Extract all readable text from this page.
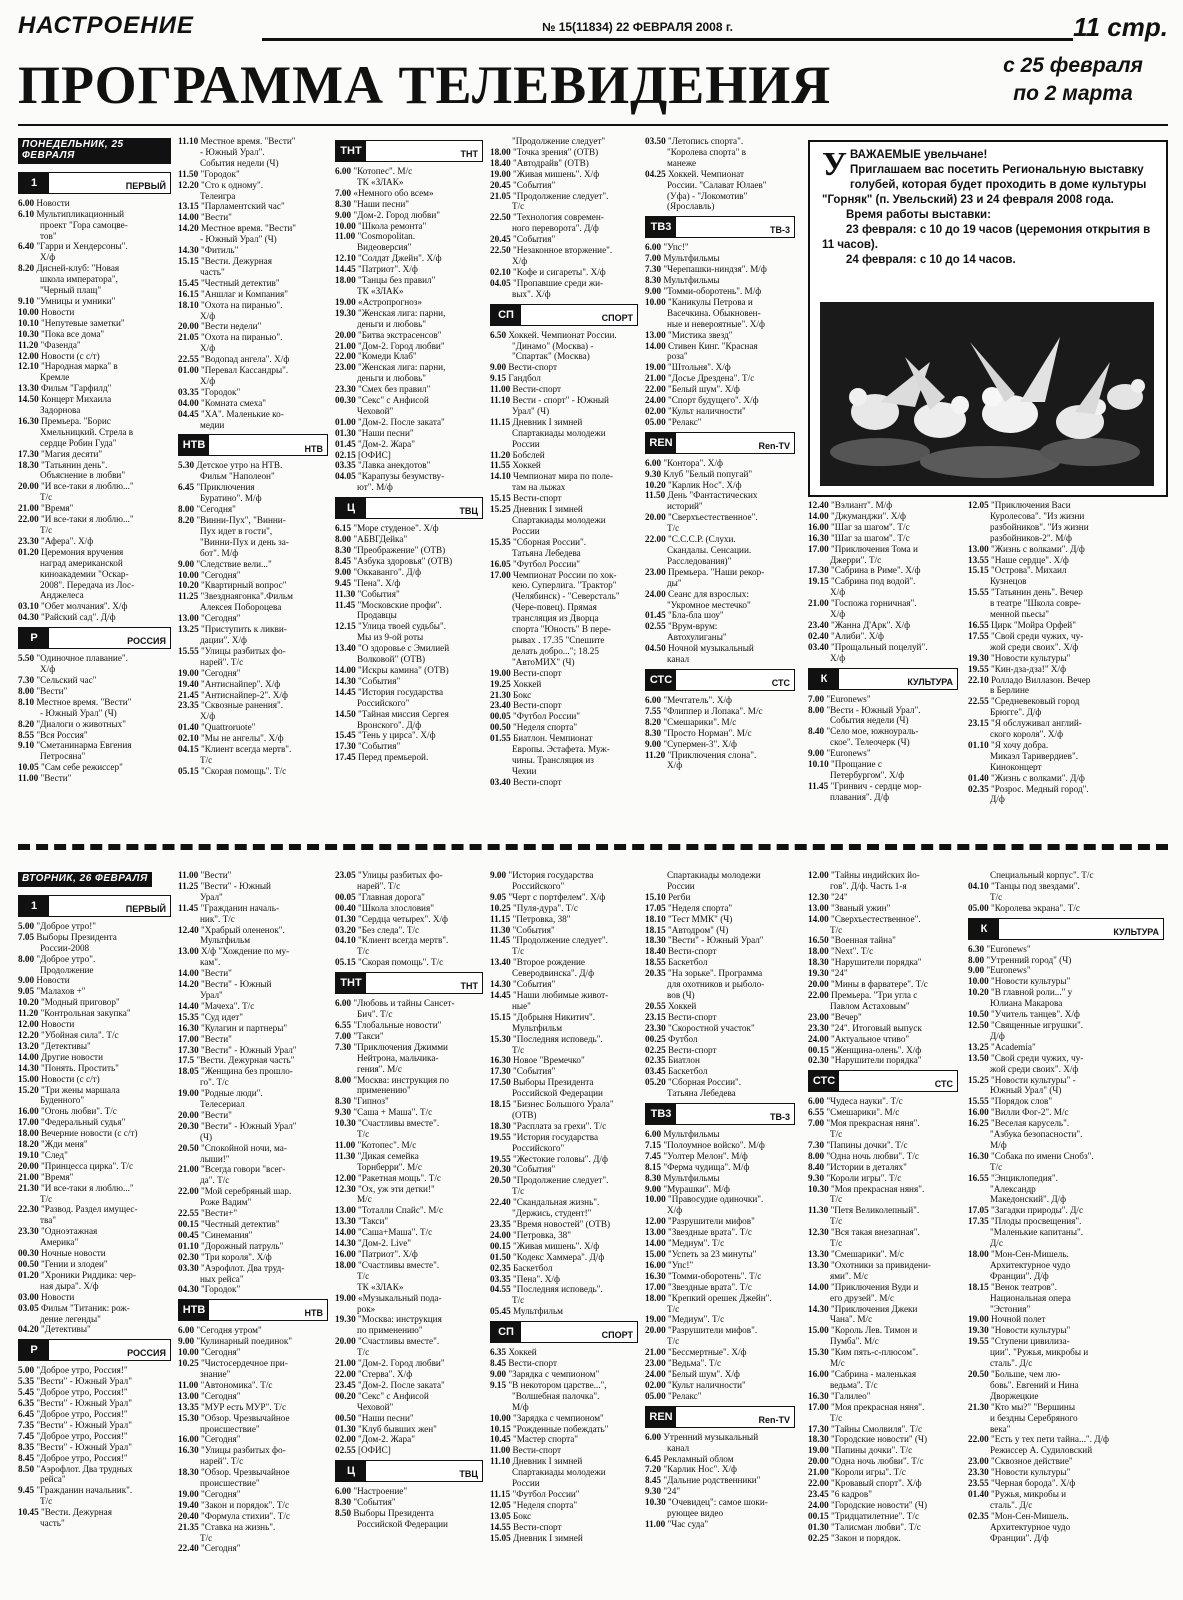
НАСТРОЕНИЕ	№ 15(11834) 22 ФЕВРАЛЯ 2008 г.	11 стр.
ПРОГРАММА ТЕЛЕВИДЕНИЯ	с 25 февраля
по 2 марта
ПОНЕДЕЛЬНИК, 25 ФЕВРАЛЯ
1	ПЕРВЫЙ
6.00 Новости
6.10 Мультипликационный
проект "Гора самоцве-
тов"
6.40 "Гарри и Хендерсоны".
Х/ф
8.20 Дисней-клуб: "Новая
школа императора",
"Черный плащ"
9.10 "Умницы и умники"
10.00 Новости
10.10 "Непутевые заметки"
10.30 "Пока все дома"
11.20 "Фазенда"
12.00 Новости (с с/т)
12.10 "Народная марка" в
Кремле
13.30 Фильм "Гарфилд"
14.50 Концерт Михаила
Задорнова
16.30 Премьера. "Борис
Хмельницкий. Стрела в
сердце Робин Гуда"
17.30 "Магия десяти"
18.30 "Татьянин день".
Объяснение в любви"
20.00 "И все-таки я люблю..."
Т/с
21.00 "Время"
22.00 "И все-таки я люблю..."
Т/с
23.30 "Афера". Х/ф
01.20 Церемония вручения
наград американской
киноакадемии "Оскар-
2008". Передача из Лос-
Анджелеса
03.10 "Обет молчания". Х/ф
04.30 "Райский сад". Д/ф
Р	РОССИЯ
5.50 "Одиночное плавание".
Х/ф
7.30 "Сельский час"
8.00 "Вести"
8.10 Местное время. "Вести"
- Южный Урал" (Ч)
8.20 "Диалоги о животных"
8.55 "Вся Россия"
9.10 "Сметанинарма Евгения
Петросяна"
10.05 "Сам себе режиссер"
11.00 "Вести"
11.10 Местное время. "Вести"
- Южный Урал".
События недели (Ч)
11.50 "Городок"
12.20 "Сто к одному".
Телеигра
13.15 "Парламентский час"
14.00 "Вести"
14.20 Местное время. "Вести"
- Южный Урал" (Ч)
14.30 "Фитиль"
15.15 "Вести. Дежурная
часть"
15.45 "Честный детектив"
16.15 "Аншлаг и Компания"
18.10 "Охота на пиранью".
Х/ф
20.00 "Вести недели"
21.05 "Охота на пиранью".
Х/ф
22.55 "Водопад ангела". Х/ф
01.00 "Перевал Кассандры".
Х/ф
03.35 "Городок"
04.00 "Комната смеха"
04.45 "ХА". Маленькие ко-
медии
НТВ	НТВ
5.30 Детское утро на НТВ.
Фильм "Наполеон"
6.45 "Приключения
Буратино". М/ф
8.00 "Сегодня"
8.20 "Винни-Пух", "Винни-
Пух идет в гости",
"Винни-Пух и день за-
бот". М/ф
9.00 "Следствие вели..."
10.00 "Сегодня"
10.20 "Квартирный вопрос"
11.25 "Звезднаягонка".Фильм
Алексея Побороцева
13.00 "Сегодня"
13.25 "Приступить к ликви-
дации". Х/ф
15.55 "Улицы разбитых фо-
нарей". Т/с
19.00 "Сегодня"
19.40 "Антиснайпер". Х/ф
21.45 "Антиснайпер-2". Х/ф
23.35 "Сквозные ранения".
Х/ф
01.40 "Quattroruote"
02.10 "Мы не ангелы". Х/ф
04.15 "Клиент всегда мертв".
Т/с
05.15 "Скорая помощь". Т/с
ТНТ	ТНТ
6.00 "Котопес". М/с
ТК «ЗЛАК»
7.00 «Немного обо всем»
8.30 "Наши песни"
9.00 "Дом-2. Город любви"
10.00 "Школа ремонта"
11.00 "Cosmopolitan.
Видеоверсия"
12.10 "Солдат Джейн". Х/ф
14.45 "Патриот". Х/ф
18.00 "Танцы без правил"
ТК «ЗЛАК»
19.00 «Астропрогноз»
19.30 "Женская лига: парни,
деньги и любовь"
20.00 "Битва экстрасенсов"
21.00 "Дом-2. Город любви"
22.00 "Комеди Клаб"
23.00 "Женская лига: парни,
деньги и любовь"
23.30 "Смех без правил"
00.30 "Секс" с Анфисой
Чеховой"
01.00 "Дом-2. После заката"
01.30 "Наши песни"
01.45 "Дом-2. Жара"
02.15 [ОФИС]
03.35 "Лавка анекдотов"
04.05 "Карапузы безумству-
ют". М/ф
Ц	ТВЦ
6.15 "Море студеное". Х/ф
8.00 "АБВГДейка"
8.30 "Преображение" (ОТВ)
8.45 "Азбука здоровья" (ОТВ)
9.00 "Оккаванго". Д/ф
9.45 "Пена". Х/ф
11.30 "События"
11.45 "Московские профи".
Продавцы
12.15 "Улица твоей судьбы".
Мы из 9-ой роты
13.40 "О здоровье с Эмилией
Волковой" (ОТВ)
14.00 "Искры камина" (ОТВ)
14.30 "События"
14.45 "История государства
Российского"
14.50 "Тайная миссия Сергея
Вронского". Д/ф
15.45 "Тень у цирса". Х/ф
17.30 "События"
17.45 Перед премьерой.
"Продолжение следует"
18.00 "Точка зрения" (ОТВ)
18.40 "Автодрайв" (ОТВ)
19.00 "Живая мишень". Х/ф
20.45 "События"
21.05 "Продолжение следует".
Т/с
22.50 "Технология современ-
ного переворота". Д/ф
20.45 "События"
22.50 "Незаконное вторжение".
Х/ф
02.10 "Кофе и сигареты". Х/ф
04.05 "Пропавшие среди жи-
вых". Х/ф
СП	СПОРТ
6.50 Хоккей. Чемпионат России.
"Динамо" (Москва) -
"Спартак" (Москва)
9.00 Вести-спорт
9.15 Гандбол
11.00 Вести-спорт
11.10 Вести - спорт" - Южный
Урал" (Ч)
11.15 Дневник I зимней
Спартакиады молодежи
России
11.20 Бобслей
11.55 Хоккей
14.10 Чемпионат мира по поле-
там на лыжах
15.15 Вести-спорт
15.25 Дневник I зимней
Спартакиады молодежи
России
15.35 "Сборная России".
Татьяна Лебедева
16.05 "Футбол России"
17.00 Чемпионат России по хок-
кею. Суперлига. "Трактор"
(Челябинск) - "Северсталь"
(Черe-повец). Прямая
трансляция из Дворца
спорта "Юность" В пере-
рывах . 17.35 "Спешите
делать добро..."; 18.25
"АвтоМИХ" (Ч)
19.00 Вести-спорт
19.25 Хоккей
21.30 Бокс
23.40 Вести-спорт
00.05 "Футбол России"
00.50 "Неделя спорта"
01.55 Биатлон. Чемпионат
Европы. Эстафета. Муж-
чины. Трансляция из
Чехии
03.40 Вести-спорт
03.50 "Летопись спорта".
"Королева спорта" в
манеже
04.25 Хоккей. Чемпионат
России. "Салават Юлаев"
(Уфа) - "Локомотив"
(Ярославль)
ТВ3	ТВ-3
6.00 "Упс!"
7.00 Мультфильмы
7.30 "Черепашки-ниндзя". М/ф
8.30 Мультфильмы
9.00 "Томми-оборотень". М/ф
10.00 "Каникулы Петрова и
Васечкина. Обыкновен-
ные и невероятные". Х/ф
13.00 "Мистика звезд"
14.00 Стивен Кинг. "Красная
роза"
19.00 "Штольня". Х/ф
21.00 "Досье Дрездена". Т/с
22.00 "Белый шум". Х/ф
24.00 "Спорт будущего". Х/ф
02.00 "Культ наличности"
05.00 "Релакс"
REN	Ren-TV
6.00 "Контора". Х/ф
9.30 Клуб "Белый попугай"
10.20 "Карлик Нос". Х/ф
11.50 День "Фантастических
историй"
20.00 "Сверхъестественное".
Т/с
22.00 "С.С.С.Р. (Слухи.
Скандалы. Сенсации.
Расследования)"
23.00 Премьера. "Наши рекор-
ды"
24.00 Сеанс для взрослых:
"Укромное местечко"
01.45 "Бла-бла шоу"
02.55 "Врум-врум:
Автохулиганы"
04.50 Ночной музыкальный
канал
СТС	СТС
6.00 "Мечтатель". Х/ф
7.55 "Флиппер и Лопака". М/с
8.20 "Смешарики". М/с
8.30 "Просто Норман". М/с
9.00 "Супермен-3". Х/ф
11.20 "Приключения слона".
Х/ф
12.40 "Вэлиант". М/ф
14.00 "Джуманджи". Х/ф
16.00 "Шаг за шагом". Т/с
16.30 "Шаг за шагом". Т/с
17.00 "Приключения Тома и
Джерри". Т/с
17.30 "Сабрина в Риме". Х/ф
19.15 "Сабрина под водой".
Х/ф
21.00 "Госпожа горничная".
Х/ф
23.40 "Жанна Д'Арк". Х/ф
02.40 "Алиби". Х/ф
03.40 "Прощальный поцелуй".
Х/ф
К	КУЛЬТУРА
7.00 "Euronews"
8.00 "Вести - Южный Урал".
События недели (Ч)
8.40 "Село мое, южноураль-
ское". Телеочерк (Ч)
9.00 "Euronews"
10.10 "Прощание с
Петербургом". Х/ф
11.45 "Гринвич - сердце мор-
плавания". Д/ф
12.05 "Приключения Васи
Куролесова". "Из жизни
разбойников". "Из жизни
разбойников-2". М/ф
13.00 "Жизнь с волками". Д/ф
13.55 "Наше сердце". Х/ф
15.15 "Острова". Михаил
Кузнецов
15.55 "Татьянин день". Вечер
в театре "Школа совре-
менной пьесы"
16.55 Цирк "Мойра Орфей"
17.55 "Свой среди чужих, чу-
жой среди своих". Х/ф
19.30 "Новости культуры"
19.55 "Кин-дза-дза!" Х/ф
22.10 Ролладо Виллазон. Вечер
в Берлине
22.55 "Средневековый город
Брюгге". Д/ф
23.15 "Я обслуживал англий-
ского короля". Х/ф
01.10 "Я хочу добра.
Микаэл Таривердиев".
Киноконцерт
01.40 "Жизнь с волками". Д/ф
02.35 "Розрос. Медный город".
Д/ф
У ВАЖАЕМЫЕ увельчане!
Приглашаем вас посетить Региональную выставку голубей, которая будет проходить в доме культуры "Горняк" (п. Увельский) 23 и 24 февраля 2008 года.
Время работы выставки:
23 февраля: с 10 до 19 часов (церемония открытия в 11 часов).
24 февраля: с 10 до 14 часов.
ВТОРНИК, 26 ФЕВРАЛЯ
1	ПЕРВЫЙ
5.00 "Доброе утро!"
7.05 Выборы Президента
России-2008
8.00 "Доброе утро".
Продолжение
9.00 Новости
9.05 "Малахов +"
10.20 "Модный приговор"
11.20 "Контрольная закупка"
12.00 Новости
12.20 "Убойная сила". Т/с
13.20 "Детективы"
14.00 Другие новости
14.30 "Понять. Простить"
15.00 Новости (с с/т)
15.20 "Три жены маршала
Буденного"
16.00 "Огонь любви". Т/с
17.00 "Федеральный судья"
18.00 Вечерние новости (с с/т)
18.20 "Жди меня"
19.10 "След"
20.00 "Принцесса цирка". Т/с
21.00 "Время"
21.30 "И все-таки я люблю..."
Т/с
22.30 "Развод. Раздел имущес-
тва"
23.30 "Одноэтажная
Америка"
00.30 Ночные новости
00.50 "Гении и злодеи"
01.20 "Хроники Риддика: чер-
ная дыра". Х/ф
03.00 Новости
03.05 Фильм "Титаник: рож-
дение легенды"
04.20 "Детективы"
Р	РОССИЯ
5.00 "Доброе утро, Россия!"
5.35 "Вести" - Южный Урал"
5.45 "Доброе утро, Россия!"
6.35 "Вести" - Южный Урал"
6.45 "Доброе утро, Россия!"
7.35 "Вести" - Южный Урал"
7.45 "Доброе утро, Россия!"
8.35 "Вести" - Южный Урал"
8.45 "Доброе утро, Россия!"
8.50 "Аэрофлот. Два трудных
рейса"
9.45 "Гражданин начальник".
Т/с
10.45 "Вести. Дежурная
часть"
11.00 "Вести"
11.25 "Вести" - Южный
Урал"
11.45 "Гражданин началь-
ник". Т/с
12.40 "Храбрый олененок".
Мультфильм
13.00 Х/ф "Хождение по му-
кам".
14.00 "Вести"
14.20 "Вести" - Южный
Урал"
14.40 "Мачеха". Т/с
15.35 "Суд идет"
16.30 "Кулагин и партнеры"
17.00 "Вести"
17.30 "Вести" - Южный Урал"
17.5 "Вести. Дежурная часть"
18.05 "Женщина без прошло-
го". Т/с
19.00 "Родные люди".
Телесериал
20.00 "Вести"
20.30 "Вести" - Южный Урал"
(Ч)
20.50 "Спокойной ночи, ма-
лыши!"
21.00 "Всегда говори "всег-
да". Т/с
22.00 "Мой серебряный шар.
Роже Вадим"
22.55 "Вести+"
00.15 "Честный детектив"
00.45 "Синемания"
01.10 "Дорожный патруль"
02.30 "Три короля". Х/ф
03.30 "Аэрофлот. Два труд-
ных рейса"
04.30 "Городок"
НТВ	НТВ
6.00 "Сегодня утром"
9.00 "Кулинарный поединок"
10.00 "Сегодня"
10.25 "Чистосердечное при-
знание"
11.00 "Автономика". Т/с
13.00 "Сегодня"
13.35 "МУР есть МУР". Т/с
15.30 "Обзор. Чрезвычайное
происшествие"
16.00 "Сегодня"
16.30 "Улицы разбитых фо-
нарей". Т/с
18.30 "Обзор. Чрезвычайное
происшествие"
19.00 "Сегодня"
19.40 "Закон и порядок". Т/с
20.40 "Формула стихии". Т/с
21.35 "Ставка на жизнь".
Т/с
22.40 "Сегодня"
23.05 "Улицы разбитых фо-
нарей". Т/с
00.05 "Главная дорога"
00.40 "Школа злословия"
01.30 "Сердца четырех". Х/ф
03.20 "Без следа". Т/с
04.10 "Клиент всегда мертв".
Т/с
05.15 "Скорая помощь". Т/с
ТНТ	ТНТ
6.00 "Любовь и тайны Сансет-
Бич". Т/с
6.55 "Глобальные новости"
7.00 "Такси"
7.30 "Приключения Джимми
Нейтрона, мальчика-
гения". М/с
8.00 "Москва: инструкция по
применению"
8.30 "Гипноз"
9.30 "Саша + Маша". Т/с
10.30 "Счастливы вместе".
Т/с
11.00 "Котопес". М/с
11.30 "Дикая семейка
Торнберри". М/с
12.00 "Ракетная мощь". Т/с
12.30 "Ох, уж эти детки!"
М/с
13.00 "Тоталли Спайс". М/с
13.30 "Такси"
14.00 "Саша+Маша". Т/с
14.30 "Дом-2. Live"
16.00 "Патриот". Х/ф
18.00 "Счастливы вместе".
Т/с
ТК «ЗЛАК»
19.00 «Музыкальный пода-
рок»
19.30 "Москва: инструкция
по применению"
20.00 "Счастливы вместе".
Т/с
21.00 "Дом-2. Город любви"
22.00 "Стерва". Х/ф
23.45 "Дом-2. После заката"
00.20 "Секс" с Анфисой
Чеховой"
00.50 "Наши песни"
01.30 "Клуб бывших жен"
02.00 "Дом-2. Жара"
02.55 [ОФИС]
Ц	ТВЦ
6.00 "Настроение"
8.30 "События"
8.50 Выборы Президента
Российской Федерации
9.00 "История государства
Российского"
9.05 "Черт с портфелем". Х/ф
10.25 "Пуля-дура". Т/с
11.15 "Петровка, 38"
11.30 "События"
11.45 "Продолжение следует".
Т/с
13.40 "Второе рождение
Северодвинска". Д/ф
14.30 "События"
14.45 "Наши любимые живот-
ные"
15.15 "Добрыня Никитич".
Мультфильм
15.30 "Последняя исповедь".
Т/с
16.30 Новое "Времечко"
17.30 "События"
17.50 Выборы Президента
Российской Федерации
18.15 "Бизнес Большого Урала"
(ОТВ)
18.30 "Расплата за грехи". Т/с
19.55 "История государства
Российского"
19.55 "Жестокие головы". Д/ф
20.30 "События"
20.50 "Продолжение следует".
Т/с
22.40 "Скандальная жизнь".
"Держись, студент!"
23.35 "Время новостей" (ОТВ)
24.00 "Петровка, 38"
00.15 "Живая мишень". Х/ф
01.50 "Кодекс Хаммера". Д/ф
02.35 Баскетбол
03.35 "Пена". Х/ф
04.55 "Последняя исповедь".
Т/с
05.45 Мультфильм
СП	СПОРТ
6.35 Хоккей
8.45 Вести-спорт
9.00 "Зарядка с чемпионом"
9.15 "В некотором царстве...",
"Волшебная палочка".
М/ф
10.00 "Зарядка с чемпионом"
10.15 "Рожденные побеждать"
10.45 "Мастер спорта"
11.00 Вести-спорт
11.10 Дневник I зимней
Спартакиады молодежи
России
11.15 "Футбол России"
12.05 "Неделя спорта"
13.05 Бокс
14.55 Вести-спорт
15.05 Дневник I зимней
Спартакиады молодежи
России
15.10 Регби
17.05 "Неделя спорта"
18.10 "Тест ММК" (Ч)
18.15 "Автодром" (Ч)
18.30 "Вести" - Южный Урал"
18.40 Вести-спорт
18.55 Баскетбол
20.35 "На зорьке". Программа
для охотников и рыболо-
вов (Ч)
20.55 Хоккей
23.15 Вести-спорт
23.30 "Скоростной участок"
00.25 Футбол
02.25 Вести-спорт
02.35 Биатлон
03.45 Баскетбол
05.20 "Сборная России".
Татьяна Лебедева
ТВ3	ТВ-3
6.00 Мультфильмы
7.15 "Полоумное войско". М/ф
7.45 "Уолтер Мелон". М/ф
8.15 "Ферма чудища". М/ф
8.30 Мультфильмы
9.00 "Мурашки". М/ф
10.00 "Правосудие одиночки".
Х/ф
12.00 "Разрушители мифов"
13.00 "Звездные врата". Т/с
14.00 "Медиум". Т/с
15.00 "Успеть за 23 минуты"
16.00 "Упс!"
16.30 "Томми-оборотень". Т/с
17.00 "Звездные врата". Т/с
18.00 "Крепкий орешек Джейн".
Т/с
19.00 "Медиум". Т/с
20.00 "Разрушители мифов".
Т/с
21.00 "Бессмертные". Х/ф
23.00 "Ведьма". Т/с
24.00 "Белый шум". Х/ф
02.00 "Культ наличности"
05.00 "Релакс"
REN	Ren-TV
6.00 Утренний музыкальный
канал
6.45 Рекламный облом
7.20 "Карлик Нос". Х/ф
8.45 "Дальние родственники"
9.30 "24"
10.30 "Очевидец": самое шоки-
рующее видео
11.00 "Час суда"
12.00 "Тайны индийских йо-
гов". Д/ф. Часть 1-я
12.30 "24"
13.00 "Званый ужин"
14.00 "Сверхъестественное".
Т/с
16.50 "Военная тайна"
18.00 "Next". Т/с
18.30 "Нарушители порядка"
19.30 "24"
20.00 "Мины в фарватере". Т/с
22.00 Премьера. "Три угла с
Павлом Астаховым"
23.00 "Вечер"
23.30 "24". Итоговый выпуск
24.00 "Актуальное чтиво"
00.15 "Женщина-олень". Х/ф
02.30 "Нарушители порядка"
СТС	СТС
6.00 "Чудеса науки". Т/с
6.55 "Смешарики". М/с
7.00 "Моя прекрасная няня".
Т/с
7.30 "Папины дочки". Т/с
8.00 "Одна ночь любви". Т/с
8.40 "Истории в деталях"
9.30 "Короли игры". Т/с
10.30 "Моя прекрасная няня".
Т/с
11.30 "Петя Великолепный".
Т/с
12.30 "Вся такая внезапная".
Т/с
13.30 "Смешарики". М/с
13.30 "Охотники за привидени-
ями". М/с
14.00 "Приключения Вуди и
его друзей". М/с
14.30 "Приключения Джеки
Чана". М/с
15.00 "Король Лев. Тимон и
Пумба". М/с
15.30 "Ким пять-с-плюсом".
М/с
16.00 "Сабрина - маленькая
ведьма". Т/с
16.30 "Галилео"
17.00 "Моя прекрасная няня".
Т/с
17.30 "Тайны Смолвиля". Т/с
18.30 "Городские новости" (Ч)
19.00 "Папины дочки". Т/с
20.00 "Одна ночь любви". Т/с
21.00 "Короли игры". Т/с
22.00 "Кровавый спорт". Х/ф
23.45 "6 кадров"
24.00 "Городские новости" (Ч)
00.15 "Тридцатилетние". Т/с
01.30 "Талисман любви". Т/с
02.25 "Закон и порядок.
Специальный корпус". Т/с
04.10 "Танцы под звездами".
Т/с
05.00 "Королева экрана". Т/с
К	КУЛЬТУРА
6.30 "Euronews"
8.00 "Утренний город" (Ч)
9.00 "Euronews"
10.00 "Новости культуры"
10.20 "В главной роли..." у
Юлиана Макарова
10.50 "Учитель танцев". Х/ф
12.50 "Священные игрушки".
Д/ф
13.25 "Academia"
13.50 "Свой среди чужих, чу-
жой среди своих". Х/ф
15.25 "Новости культуры" -
Южный Урал" (Ч)
15.55 "Порядок слов"
16.00 "Вилли Фог-2". М/с
16.25 "Веселая карусель".
"Азбука безопасности".
М/ф
16.30 "Собака по имени Снобз".
Т/с
16.55 "Энциклопедия".
"Александр
Македонский". Д/ф
17.05 "Загадки природы". Д/с
17.35 "Плоды просвещения".
"Маленькие капитаны".
Д/с
18.00 "Мон-Сен-Мишель.
Архитектурное чудо
Франции". Д/ф
18.15 "Венок театров".
Национальная опера
"Эстония"
19.00 Ночной полет
19.30 "Новости культуры"
19.55 "Ступени цивилиза-
ции". "Ружья, микробы и
сталь". Д/с
20.50 "Больше, чем лю-
бовь". Евгений и Нина
Дворжецкие
21.30 "Кто мы?" "Вершины
и бездны Серебряного
века"
22.00 "Есть у тех пети тайна...". Д/ф
Режиссер А. Судиловский
23.00 "Сквозное действие"
23.30 "Новости культуры"
23.55 "Черная борода". Х/ф
01.40 "Ружья, микробы и
сталь". Д/с
02.35 "Мон-Сен-Мишель.
Архитектурное чудо
Франции". Д/ф
